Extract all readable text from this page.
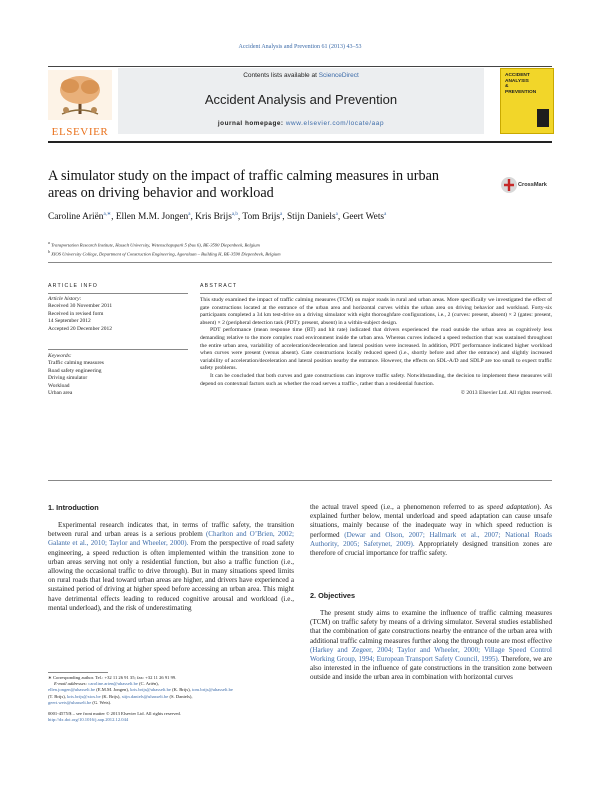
Accident Analysis and Prevention 61 (2013) 43–53
ELSEVIER
Contents lists available at ScienceDirect
Accident Analysis and Prevention
journal homepage: www.elsevier.com/locate/aap
ACCIDENT
ANALYSIS
&
PREVENTION
A simulator study on the impact of traffic calming measures in urban
areas on driving behavior and workload	CrossMark
Caroline Ariën$^{a,∗}$, Ellen M.M. Jongen$^a$, Kris Brijs$^{a,b}$, Tom Brijs$^a$, Stijn Daniels$^a$, Geert Wets$^a$
$^a$ Transportation Research Institute, Hasselt University, Wetenschapspark 5 (bus 6), BE-3590 Diepenbeek, Belgium
$^b$ XIOS University College, Department of Construction Engineering, Agoralaan – Building H, BE-3590 Diepenbeek, Belgium
ARTICLE INFO
Article history:
Received 30 November 2011
Received in revised form
14 September 2012
Accepted 20 December 2012
Keywords:
Traffic calming measures
Road safety engineering
Driving simulator
Workload
Urban area
ABSTRACT

This study examined the impact of traffic calming measures (TCM) on major roads in rural and urban areas. More specifically we investigated the effect of gate constructions located at the entrance of the urban area and horizontal curves within the urban area on driving behavior and workload. Forty-six participants completed a 34 km test-drive on a driving simulator with eight thoroughfare configurations, i.e., 2 (curves: present, absent) × 2 (gates: present, absent) × 2 (peripheral detection task (PDT): present, absent) in a within-subject design.

PDT performance (mean response time (RT) and hit rate) indicated that drivers experienced the road outside the urban area as cognitively less demanding relative to the more complex road environment inside the urban area. Whereas curves induced a speed reduction that was sustained throughout the entire urban area, variability of acceleration/deceleration and lateral position were increased. In addition, PDT performance indicated higher workload when curves were present (versus absent). Gate constructions locally reduced speed (i.e., shortly before and after the entrance) and slightly increased variability of acceleration/deceleration and lateral position nearby the entrance. However, the effects on SDL-A/D and SDLP are too small to expect traffic safety problems.

It can be concluded that both curves and gate constructions can improve traffic safety. Notwithstanding, the decision to implement these measures will depend on contextual factors such as whether the road serves a traffic-, rather than a residential function.

© 2013 Elsevier Ltd. All rights reserved.

1. Introduction

Experimental research indicates that, in terms of traffic safety, the transition between rural and urban areas is a serious problem (Charlton and O’Brien, 2002; Galante et al., 2010; Taylor and Wheeler, 2000). From the perspective of road safety engineering, a speed reduction is often implemented within the transition zone to urban areas serving not only a residential function, but also a traffic function (i.e., allowing the occasional traffic to drive through). But in many situations speed limits on rural roads that lead toward urban areas are higher, and drivers have experienced a sustained period of driving at higher speed before accessing an urban area. This might have detrimental effects leading to reduced cognitive arousal and workload (i.e., mental underload), and the risk of underestimating

∗ Corresponding author. Tel.: +32 11 26 91 35; fax: +32 11 26 91 99.
E-mail addresses: caroline.arien@uhasselt.be (C. Ariën),
ellen.jongen@uhasselt.be (E.M.M. Jongen), kris.brijs@uhasselt.be (K. Brijs), tom.brijs@uhasselt.be
(T. Brijs), kris.brijs@xios.be (K. Brijs), stijn.daniels@uhasselt.be (S. Daniels),
geert.wets@uhasselt.be (G. Wets).
0001-4575/$ – see front matter © 2013 Elsevier Ltd. All rights reserved.
http://dx.doi.org/10.1016/j.aap.2012.12.044

the actual travel speed (i.e., a phenomenon referred to as speed adaptation). As explained further below, mental underload and speed adaptation can cause unsafe situations, mainly because of the inadequate way in which speed reduction is performed (Dewar and Olson, 2007; Hallmark et al., 2007; National Roads Authority, 2005; Safetynet, 2009). Appropriately designed transition zones are therefore of crucial importance for traffic safety.

2. Objectives

The present study aims to examine the influence of traffic calming measures (TCM) on traffic safety by means of a driving simulator. Several studies established that the combination of gate constructions nearby the entrance of the urban area with additional traffic calming measures further along the through route are most effective (Harkey and Zegeer, 2004; Taylor and Wheeler, 2000; Village Speed Control Working Group, 1994; European Transport Safety Council, 1995). Therefore, we are also interested in the influence of gate constructions in the transition zone between outside and inside the urban area in combination with horizontal curves
